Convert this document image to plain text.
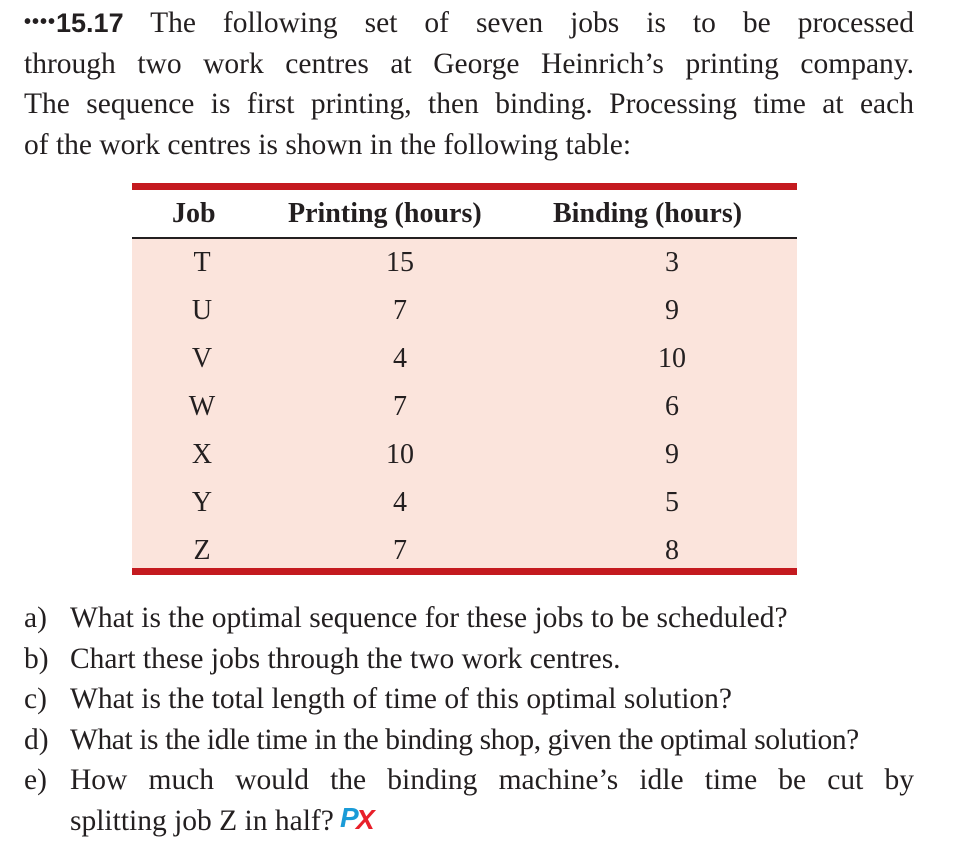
••••15.17 The following set of seven jobs is to be processed
through two work centres at George Heinrich’s printing company.
The sequence is first printing, then binding. Processing time at each
of the work centres is shown in the following table:
Job	Printing (hours)	Binding (hours)
T	15	3
U	7	9
V	4	10
W	7	6
X	10	9
Y	4	5
Z	7	8
a) What is the optimal sequence for these jobs to be scheduled?
b) Chart these jobs through the two work centres.
c) What is the total length of time of this optimal solution?
d) What is the idle time in the binding shop, given the optimal solution?
e) How much would the binding machine’s idle time be cut by
splitting job Z in half? P
X
